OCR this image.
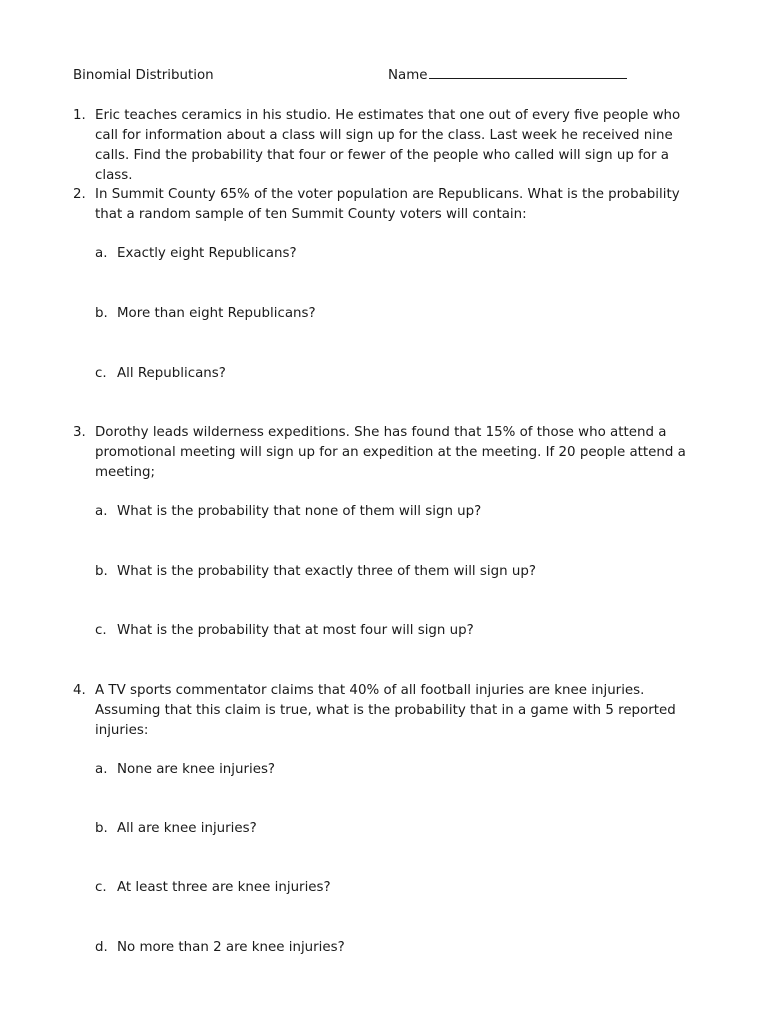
Binomial Distribution	Name
1. Eric teaches ceramics in his studio. He estimates that one out of every five people who call for information about a class will sign up for the class. Last week he received nine calls. Find the probability that four or fewer of the people who called will sign up for a class.
2. In Summit County 65% of the voter population are Republicans. What is the probability that a random sample of ten Summit County voters will contain:
a. Exactly eight Republicans?
b. More than eight Republicans?
c. All Republicans?
3. Dorothy leads wilderness expeditions. She has found that 15% of those who attend a promotional meeting will sign up for an expedition at the meeting. If 20 people attend a meeting;
a. What is the probability that none of them will sign up?
b. What is the probability that exactly three of them will sign up?
c. What is the probability that at most four will sign up?
4. A TV sports commentator claims that 40% of all football injuries are knee injuries. Assuming that this claim is true, what is the probability that in a game with 5 reported injuries:
a. None are knee injuries?
b. All are knee injuries?
c. At least three are knee injuries?
d. No more than 2 are knee injuries?
